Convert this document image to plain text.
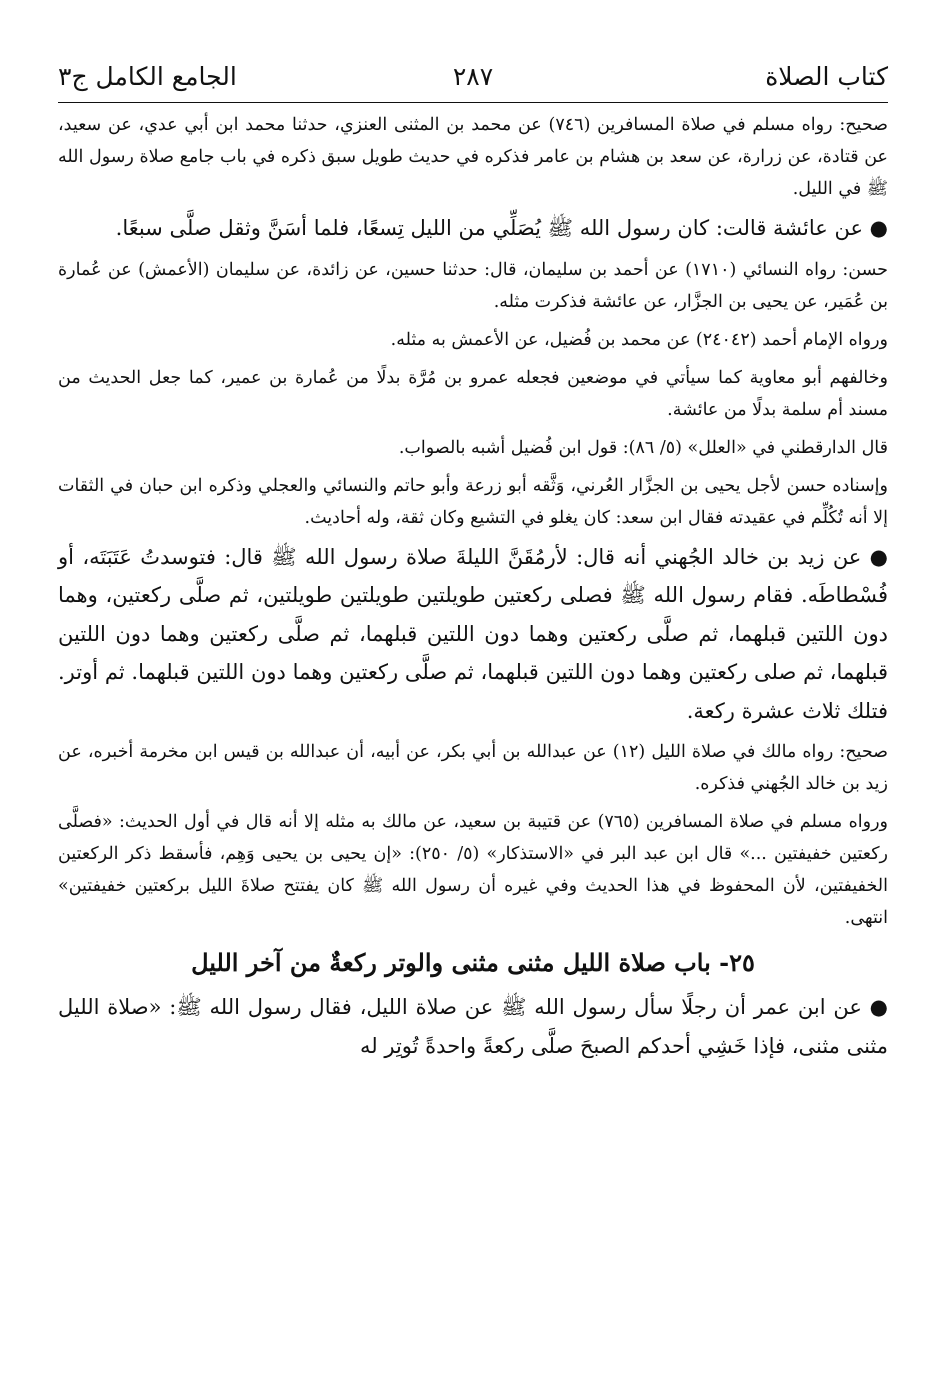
كتاب الصلاة
٢٨٧
الجامع الكامل ج٣

صحيح: رواه مسلم في صلاة المسافرين (٧٤٦) عن محمد بن المثنى العنزي، حدثنا محمد ابن أبي عدي، عن سعيد، عن قتادة، عن زرارة، عن سعد بن هشام بن عامر فذكره في حديث طويل سبق ذكره في باب جامع صلاة رسول الله ﷺ في الليل.

● عن عائشة قالت: كان رسول الله ﷺ يُصَلِّي من الليل تِسعًا، فلما أسَنَّ وثقل صلَّى سبعًا.

حسن: رواه النسائي (١٧١٠) عن أحمد بن سليمان، قال: حدثنا حسين، عن زائدة، عن سليمان (الأعمش) عن عُمارة بن عُمَير، عن يحيى بن الجزَّار، عن عائشة فذكرت مثله.

ورواه الإمام أحمد (٢٤٠٤٢) عن محمد بن فُضيل، عن الأعمش به مثله.

وخالفهم أبو معاوية كما سيأتي في موضعين فجعله عمرو بن مُرَّة بدلًا من عُمارة بن عمير، كما جعل الحديث من مسند أم سلمة بدلًا من عائشة.

قال الدارقطني في «العلل» (٥/ ٨٦): قول ابن فُضيل أشبه بالصواب.

وإسناده حسن لأجل يحيى بن الجزَّار العُرني، وَثَّقه أبو زرعة وأبو حاتم والنسائي والعجلي وذكره ابن حبان في الثقات إلا أنه تُكُلِّم في عقيدته فقال ابن سعد: كان يغلو في التشيع وكان ثقة، وله أحاديث.

● عن زيد بن خالد الجُهني أنه قال: لأرمُقَنَّ الليلةَ صلاة رسول الله ﷺ قال: فتوسدتُ عَتَبَتَه، أو فُسْطاطَه. فقام رسول الله ﷺ فصلى ركعتين طويلتين طويلتين طويلتين، ثم صلَّى ركعتين، وهما دون اللتين قبلهما، ثم صلَّى ركعتين وهما دون اللتين قبلهما، ثم صلَّى ركعتين وهما دون اللتين قبلهما، ثم صلى ركعتين وهما دون اللتين قبلهما، ثم صلَّى ركعتين وهما دون اللتين قبلهما. ثم أوتر. فتلك ثلاث عشرة ركعة.

صحيح: رواه مالك في صلاة الليل (١٢) عن عبدالله بن أبي بكر، عن أبيه، أن عبدالله بن قيس ابن مخرمة أخبره، عن زيد بن خالد الجُهني فذكره.

ورواه مسلم في صلاة المسافرين (٧٦٥) عن قتيبة بن سعيد، عن مالك به مثله إلا أنه قال في أول الحديث: «فصلَّى ركعتين خفيفتين ...» قال ابن عبد البر في «الاستذكار» (٥/ ٢٥٠): «إن يحيى بن يحيى وَهِم، فأسقط ذكر الركعتين الخفيفتين، لأن المحفوظ في هذا الحديث وفي غيره أن رسول الله ﷺ كان يفتتح صلاةَ الليل بركعتين خفيفتين» انتهى.

٢٥- باب صلاة الليل مثنى مثنى والوتر ركعةٌ من آخر الليل

● عن ابن عمر أن رجلًا سأل رسول الله ﷺ عن صلاة الليل، فقال رسول الله ﷺ: «صلاة الليل مثنى مثنى، فإذا خَشِي أحدكم الصبحَ صلَّى ركعةً واحدةً تُوتِر له
